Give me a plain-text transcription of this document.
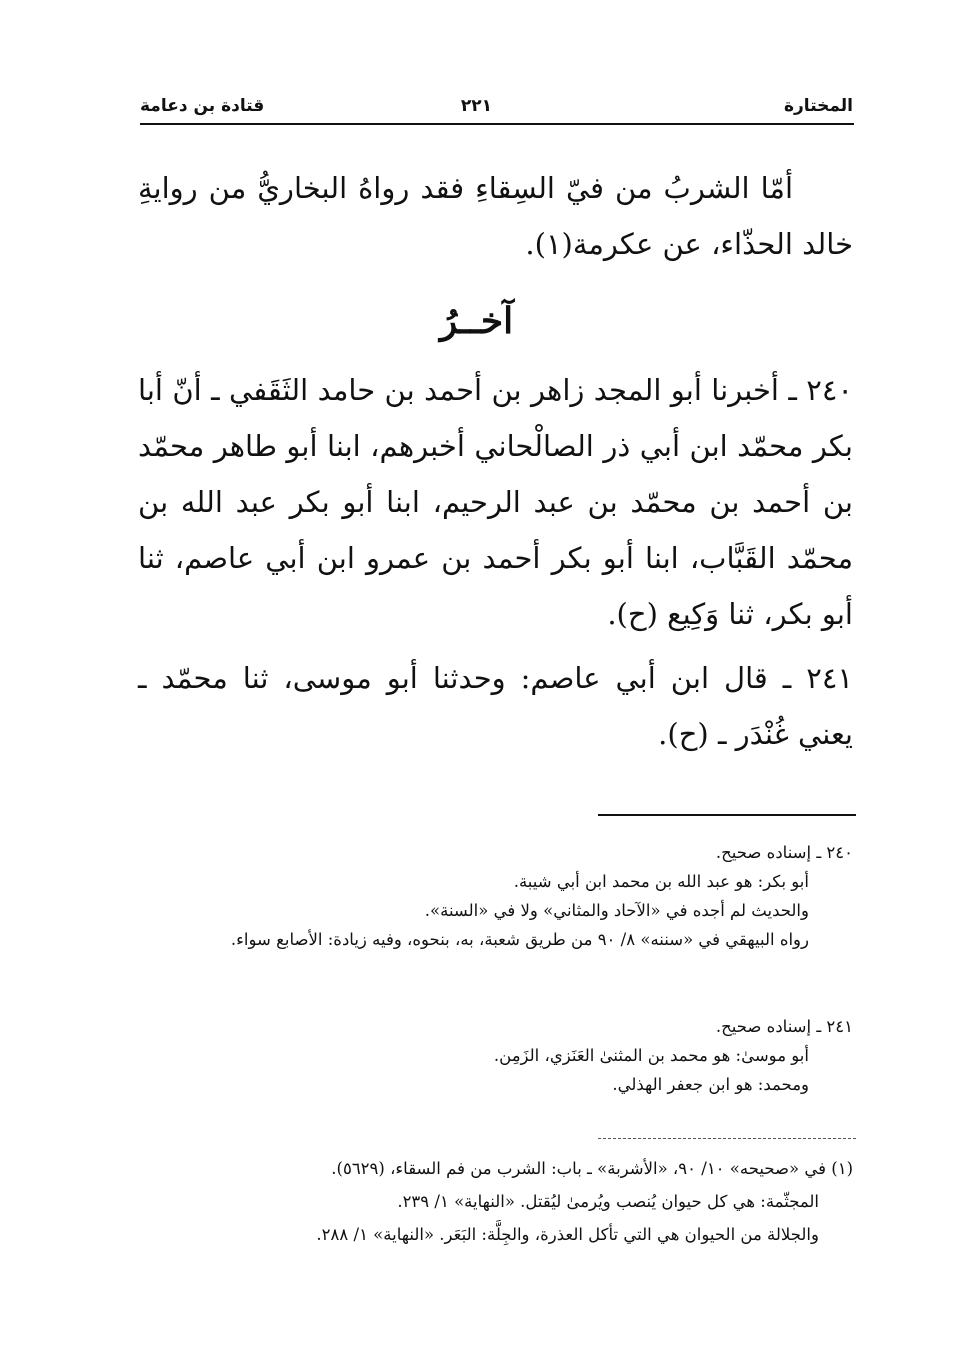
المختارة
٢٢١
قتادة بن دعامة
أمّا الشربُ من فيّ السِقاءِ فقد رواهُ البخاريُّ من روايةِ خالد الحذّاء، عن عكرمة(١).
آخــرُ
٢٤٠ ـ أخبرنا أبو المجد زاهر بن أحمد بن حامد الثَقَفي ـ أنّ أبا بكر محمّد ابن أبي ذر الصالْحاني أخبرهم، ابنا أبو طاهر محمّد بن أحمد بن محمّد بن عبد الرحيم، ابنا أبو بكر عبد الله بن محمّد القَبَّاب، ابنا أبو بكر أحمد بن عمرو ابن أبي عاصم، ثنا أبو بكر، ثنا وَكِيع (ح).
٢٤١ ـ قال ابن أبي عاصم: وحدثنا أبو موسى، ثنا محمّد ـ يعني غُنْدَر ـ (ح).
٢٤٠ ـ إسناده صحيح.
أبو بكر: هو عبد الله بن محمد ابن أبي شيبة.
والحديث لم أجده في «الآحاد والمثاني» ولا في «السنة».
رواه البيهقي في «سننه» ٨/ ٩٠ من طريق شعبة، به، بنحوه، وفيه زيادة: الأصابع سواء.
٢٤١ ـ إسناده صحيح.
أبو موسىٰ: هو محمد بن المثنىٰ العَنَزي، الزَمِن.
ومحمد: هو ابن جعفر الهذلي.
(١) في «صحيحه» ١٠/ ٩٠، «الأشربة» ـ باب: الشرب من فم السقاء، (٥٦٢٩).
المجثّمة: هي كل حيوان يُنصب ويُرمىٰ ليُقتل. «النهاية» ١/ ٢٣٩.
والجلالة من الحيوان هي التي تأكل العذرة، والجِلَّة: البَعَر. «النهاية» ١/ ٢٨٨.
